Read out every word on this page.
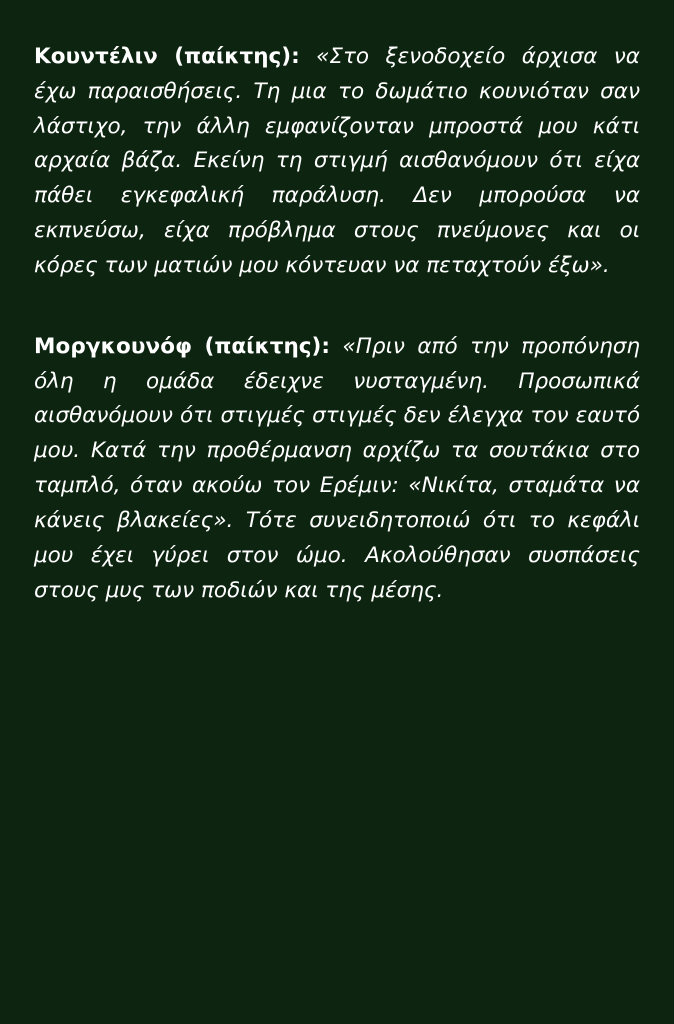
Κουντέλιν (παίκτης): «Στο ξενοδοχείο άρχισα να έχω παραισθήσεις. Τη μια το δωμάτιο κουνιόταν σαν λάστιχο, την άλλη εμφανίζονταν μπροστά μου κάτι αρχαία βάζα. Εκείνη τη στιγμή αισθανόμουν ότι είχα πάθει εγκεφαλική παράλυση. Δεν μπορούσα να εκπνεύσω, είχα πρόβλημα στους πνεύμονες και οι κόρες των ματιών μου κόντευαν να πεταχτούν έξω».

Μοργκουνόφ (παίκτης): «Πριν από την προπόνηση όλη η ομάδα έδειχνε νυσταγμένη. Προσωπικά αισθανόμουν ότι στιγμές στιγμές δεν έλεγχα τον εαυτό μου. Κατά την προθέρμανση αρχίζω τα σουτάκια στο ταμπλό, όταν ακούω τον Ερέμιν: «Νικίτα, σταμάτα να κάνεις βλακείες». Τότε συνειδητοποιώ ότι το κεφάλι μου έχει γύρει στον ώμο. Ακολούθησαν συσπάσεις στους μυς των ποδιών και της μέσης.
